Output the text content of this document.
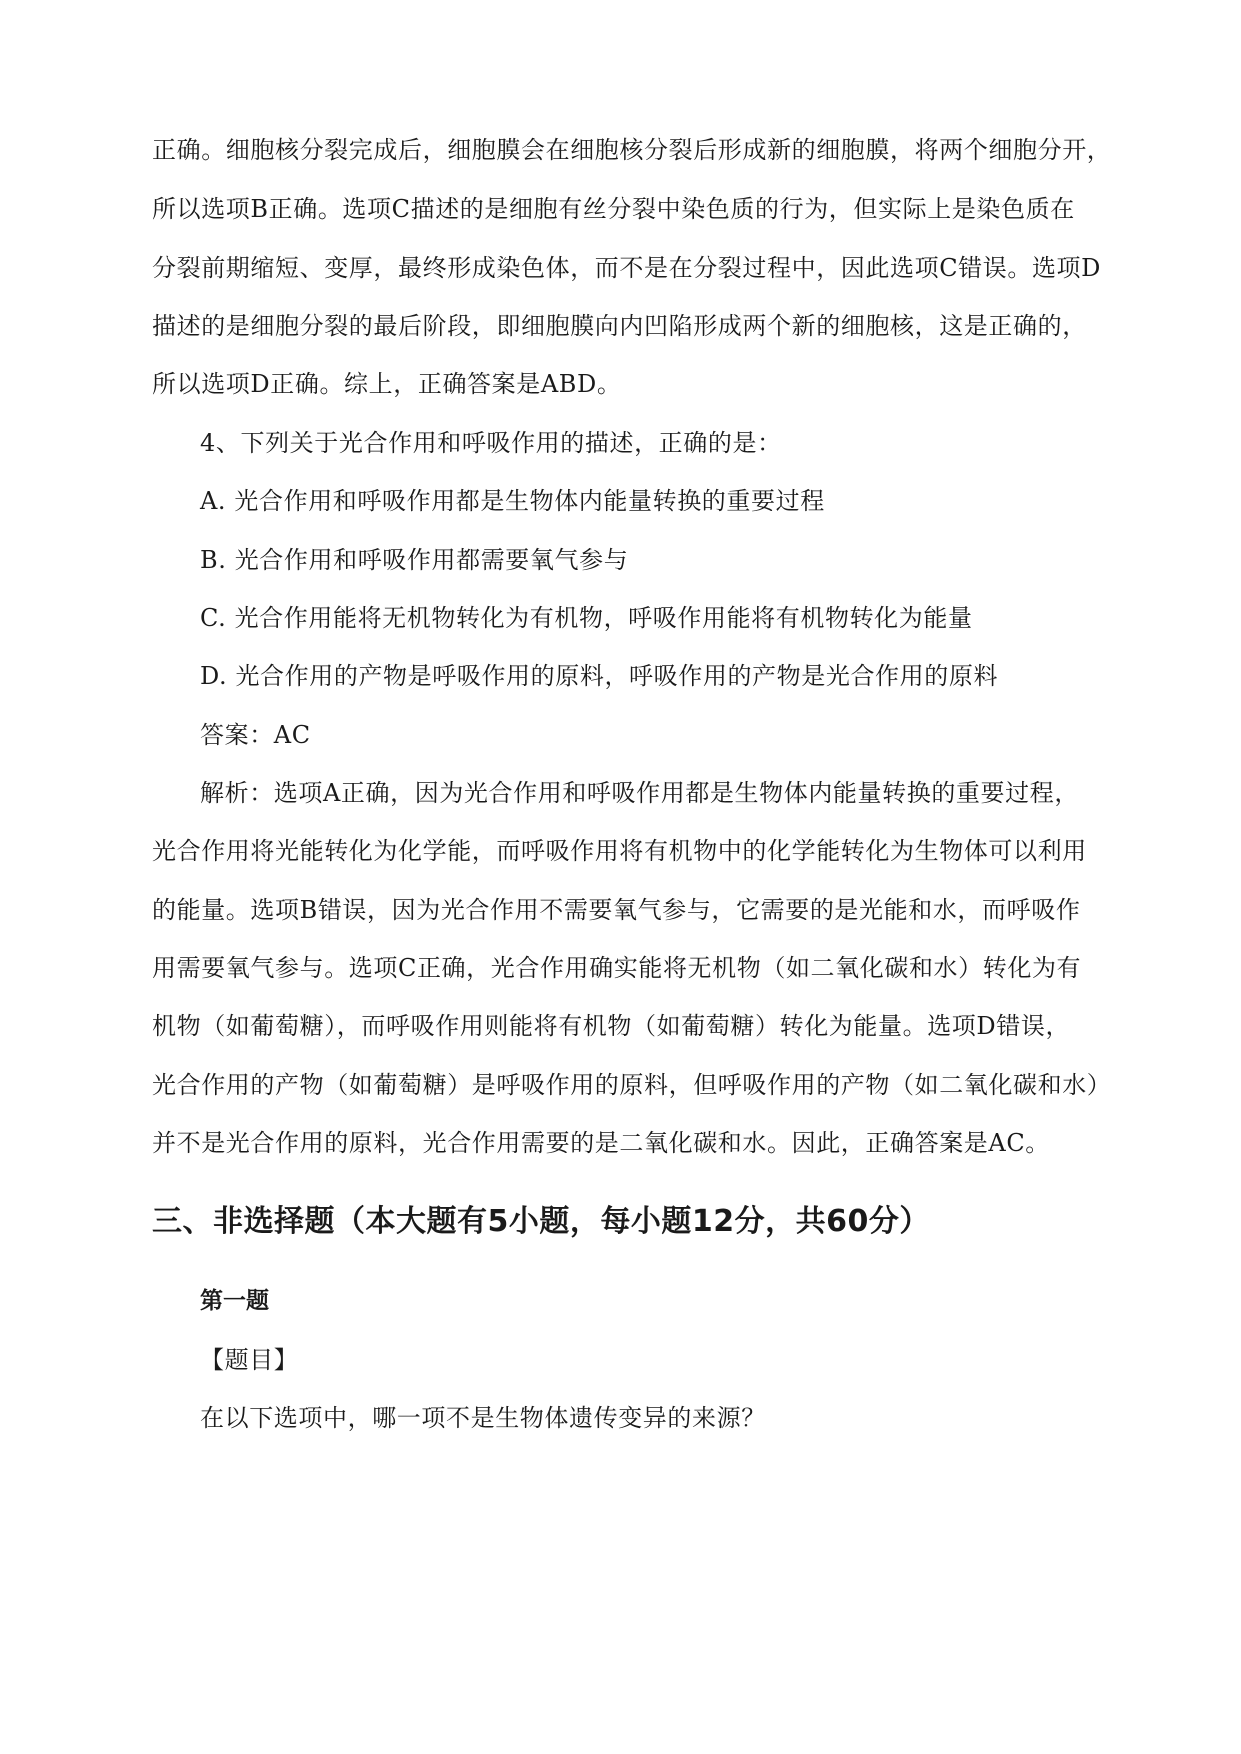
正确。细胞核分裂完成后，细胞膜会在细胞核分裂后形成新的细胞膜，将两个细胞分开，
所以选项B正确。选项C描述的是细胞有丝分裂中染色质的行为，但实际上是染色质在
分裂前期缩短、变厚，最终形成染色体，而不是在分裂过程中，因此选项C错误。选项D
描述的是细胞分裂的最后阶段，即细胞膜向内凹陷形成两个新的细胞核，这是正确的，
所以选项D正确。综上，正确答案是ABD。
4、下列关于光合作用和呼吸作用的描述，正确的是：
A. 光合作用和呼吸作用都是生物体内能量转换的重要过程
B. 光合作用和呼吸作用都需要氧气参与
C. 光合作用能将无机物转化为有机物，呼吸作用能将有机物转化为能量
D. 光合作用的产物是呼吸作用的原料，呼吸作用的产物是光合作用的原料
答案：AC
解析：选项A正确，因为光合作用和呼吸作用都是生物体内能量转换的重要过程，
光合作用将光能转化为化学能，而呼吸作用将有机物中的化学能转化为生物体可以利用
的能量。选项B错误，因为光合作用不需要氧气参与，它需要的是光能和水，而呼吸作
用需要氧气参与。选项C正确，光合作用确实能将无机物（如二氧化碳和水）转化为有
机物（如葡萄糖），而呼吸作用则能将有机物（如葡萄糖）转化为能量。选项D错误，
光合作用的产物（如葡萄糖）是呼吸作用的原料，但呼吸作用的产物（如二氧化碳和水）
并不是光合作用的原料，光合作用需要的是二氧化碳和水。因此，正确答案是AC。
三、非选择题（本大题有5小题，每小题12分，共60分）
第一题
【题目】
在以下选项中，哪一项不是生物体遗传变异的来源？
